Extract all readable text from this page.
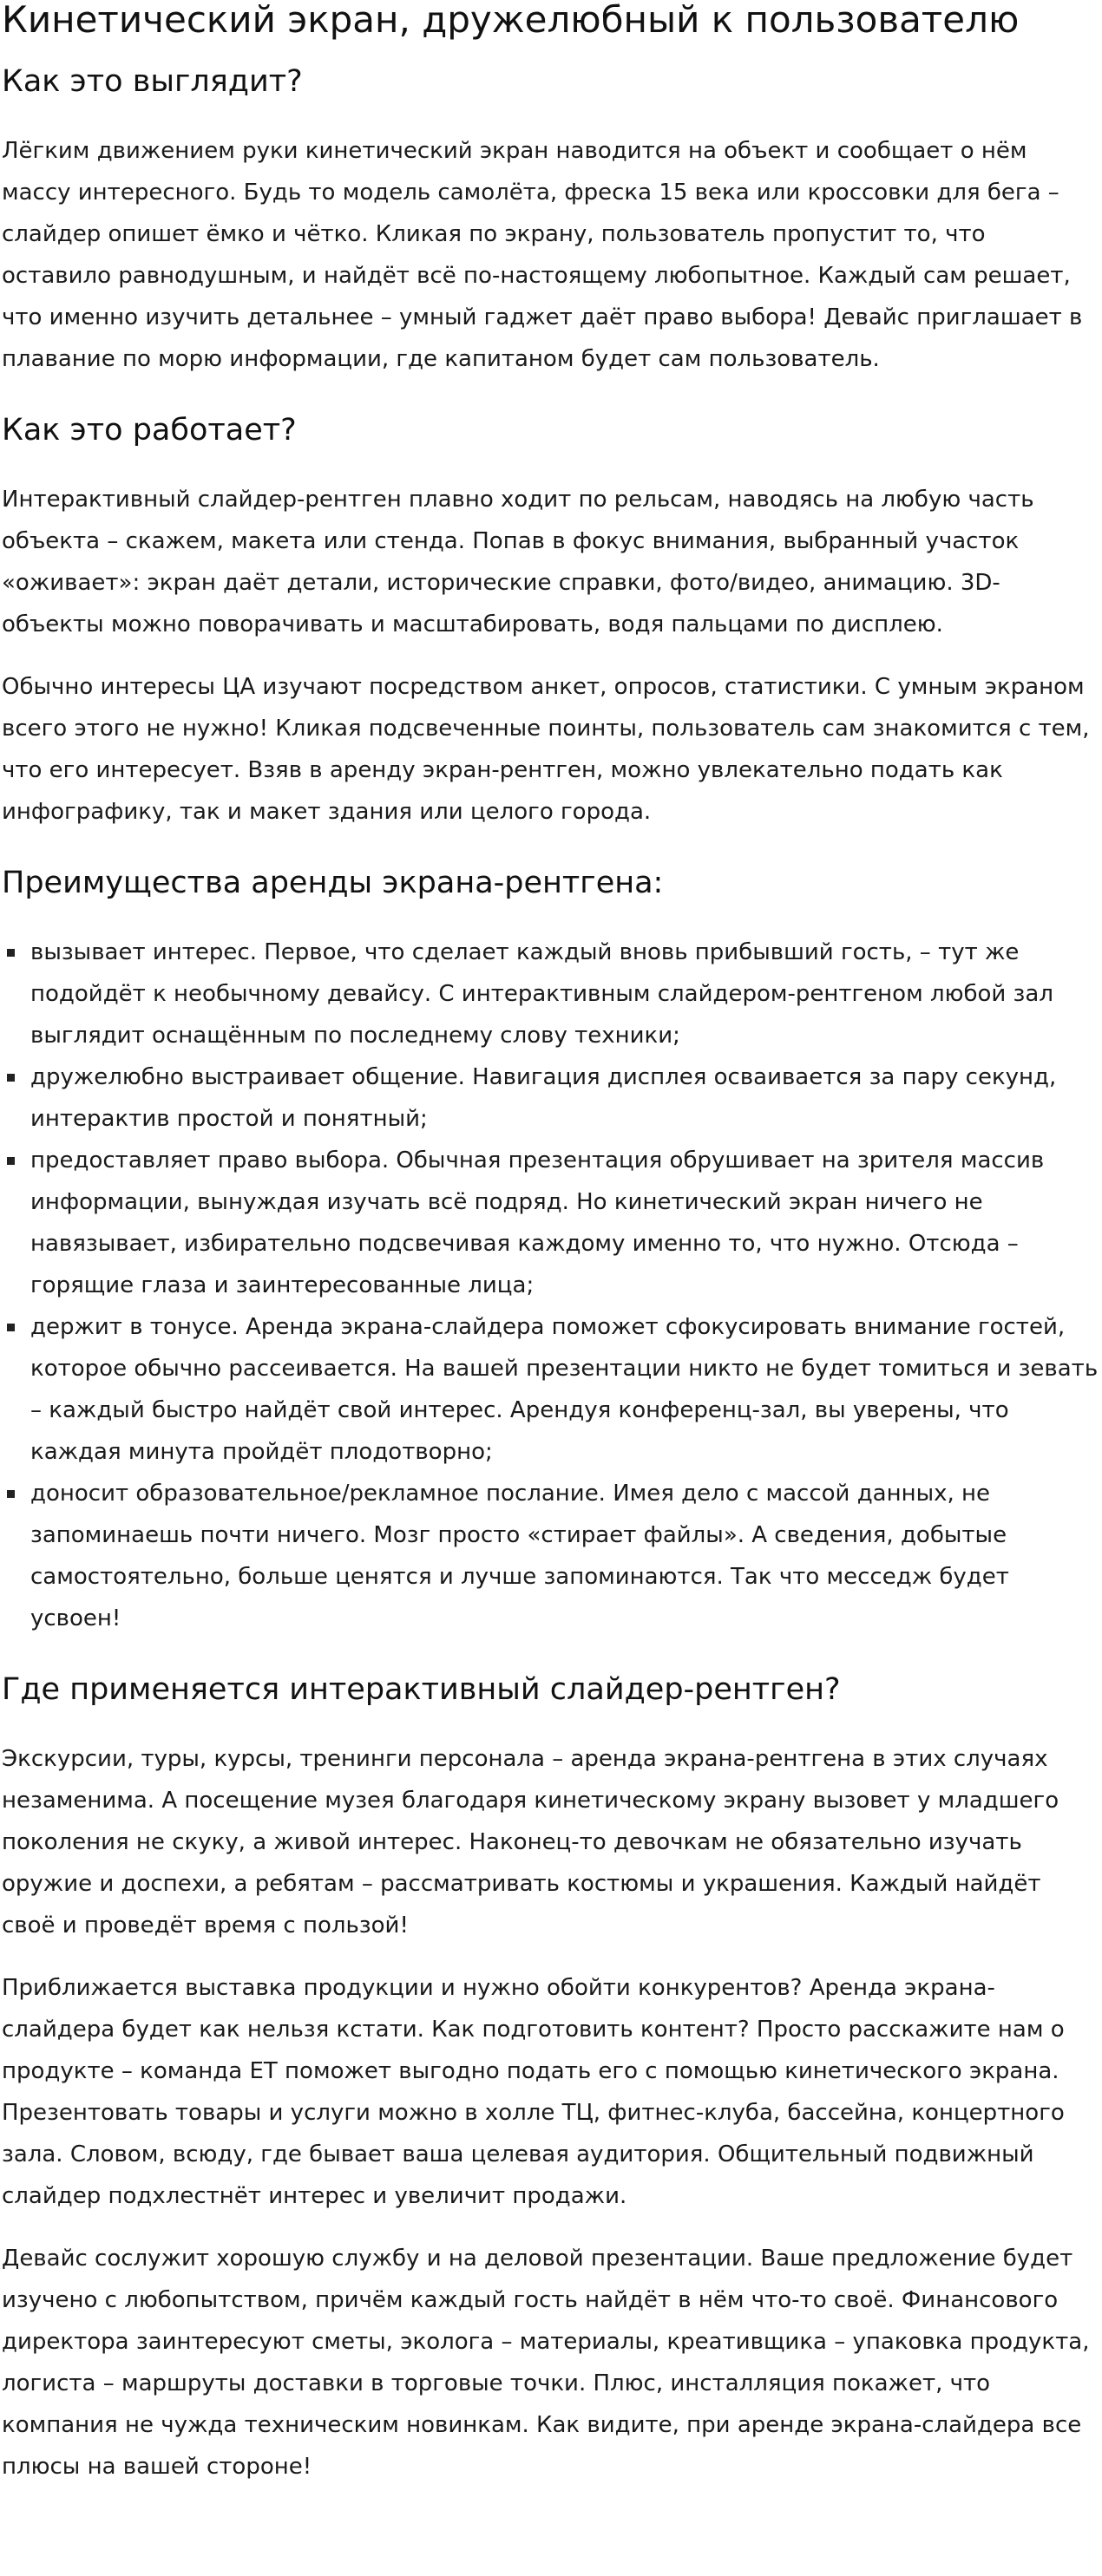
Кинетический экран, дружелюбный к пользователю
Как это выглядит?

Лёгким движением руки кинетический экран наводится на объект и сообщает о нём массу интересного. Будь то модель самолёта, фреска 15 века или кроссовки для бега – слайдер опишет ёмко и чётко. Кликая по экрану, пользователь пропустит то, что оставило равнодушным, и найдёт всё по-настоящему любопытное. Каждый сам решает, что именно изучить детальнее – умный гаджет даёт право выбора! Девайс приглашает в плавание по морю информации, где капитаном будет сам пользователь.

Как это работает?

Интерактивный слайдер-рентген плавно ходит по рельсам, наводясь на любую часть объекта – скажем, макета или стенда. Попав в фокус внимания, выбранный участок «оживает»: экран даёт детали, исторические справки, фото/видео, анимацию. 3D-объекты можно поворачивать и масштабировать, водя пальцами по дисплею.

Обычно интересы ЦА изучают посредством анкет, опросов, статистики. С умным экраном всего этого не нужно! Кликая подсвеченные поинты, пользователь сам знакомится с тем, что его интересует. Взяв в аренду экран-рентген, можно увлекательно подать как инфографику, так и макет здания или целого города.

Преимущества аренды экрана-рентгена:
вызывает интерес. Первое, что сделает каждый вновь прибывший гость, – тут же подойдёт к необычному девайсу. С интерактивным слайдером-рентгеном любой зал выглядит оснащённым по последнему слову техники;
дружелюбно выстраивает общение. Навигация дисплея осваивается за пару секунд, интерактив простой и понятный;
предоставляет право выбора. Обычная презентация обрушивает на зрителя массив информации, вынуждая изучать всё подряд. Но кинетический экран ничего не навязывает, избирательно подсвечивая каждому именно то, что нужно. Отсюда – горящие глаза и заинтересованные лица;
держит в тонусе. Аренда экрана-слайдера поможет сфокусировать внимание гостей, которое обычно рассеивается. На вашей презентации никто не будет томиться и зевать – каждый быстро найдёт свой интерес. Арендуя конференц-зал, вы уверены, что каждая минута пройдёт плодотворно;
доносит образовательное/рекламное послание. Имея дело с массой данных, не запоминаешь почти ничего. Мозг просто «стирает файлы». А сведения, добытые самостоятельно, больше ценятся и лучше запоминаются. Так что месседж будет усвоен!
Где применяется интерактивный слайдер-рентген?

Экскурсии, туры, курсы, тренинги персонала – аренда экрана-рентгена в этих случаях незаменима. А посещение музея благодаря кинетическому экрану вызовет у младшего поколения не скуку, а живой интерес. Наконец-то девочкам не обязательно изучать оружие и доспехи, а ребятам – рассматривать костюмы и украшения. Каждый найдёт своё и проведёт время с пользой!

Приближается выставка продукции и нужно обойти конкурентов? Аренда экрана-слайдера будет как нельзя кстати. Как подготовить контент? Просто расскажите нам о продукте – команда ET поможет выгодно подать его с помощью кинетического экрана. Презентовать товары и услуги можно в холле ТЦ, фитнес-клуба, бассейна, концертного зала. Словом, всюду, где бывает ваша целевая аудитория. Общительный подвижный слайдер подхлестнёт интерес и увеличит продажи.

Девайс сослужит хорошую службу и на деловой презентации. Ваше предложение будет изучено с любопытством, причём каждый гость найдёт в нём что-то своё. Финансового директора заинтересуют сметы, эколога – материалы, креативщика – упаковка продукта, логиста – маршруты доставки в торговые точки. Плюс, инсталляция покажет, что компания не чужда техническим новинкам. Как видите, при аренде экрана-слайдера все плюсы на вашей стороне!
